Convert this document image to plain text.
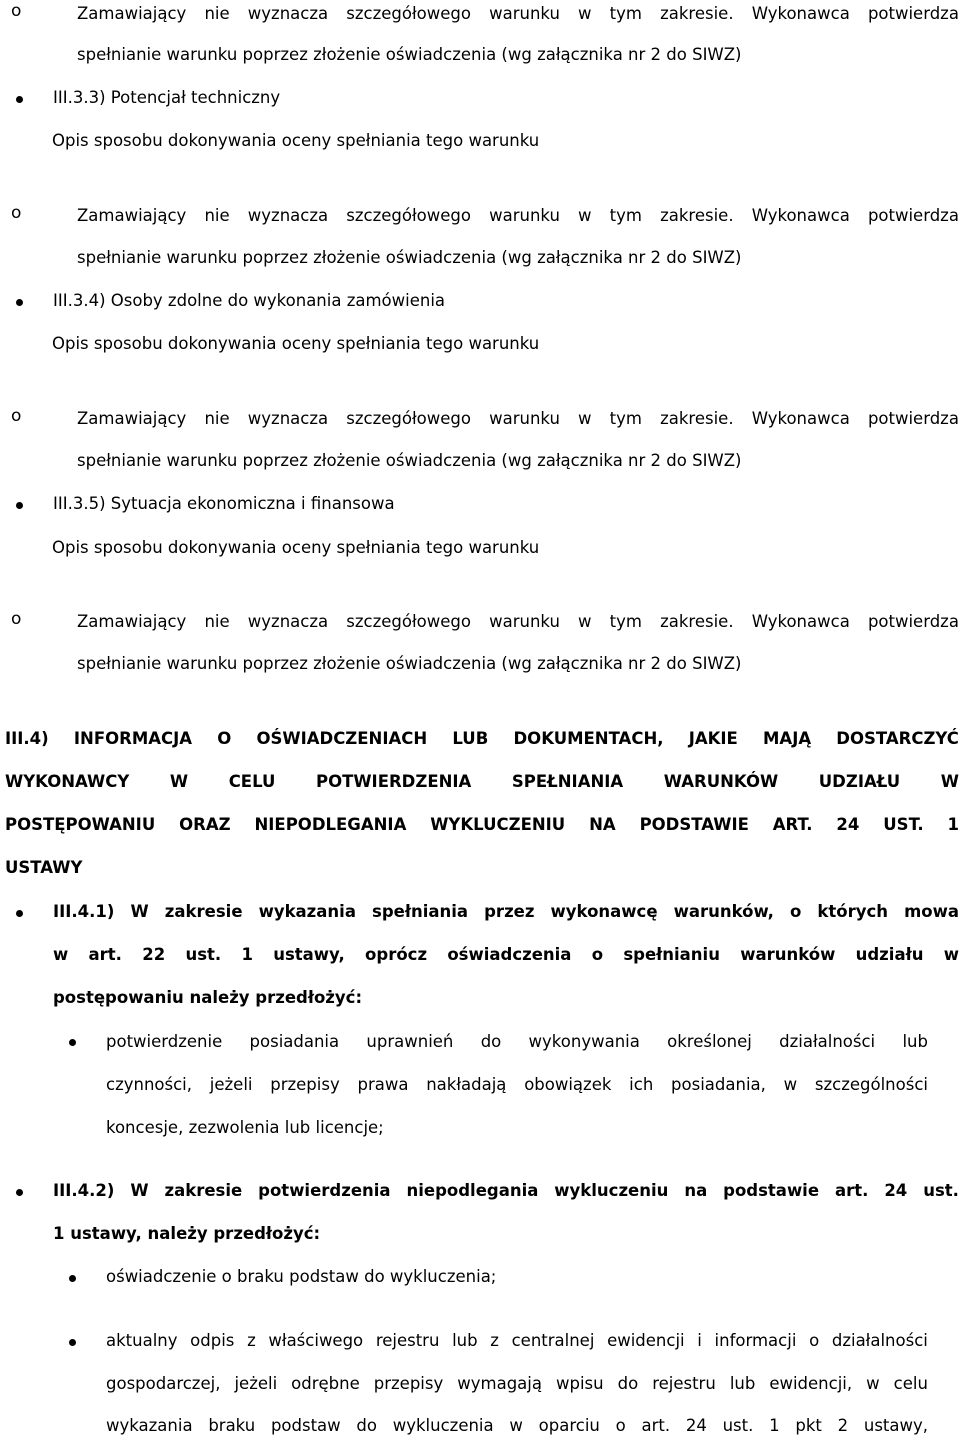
o	Zamawiający nie wyznacza szczegółowego warunku w tym zakresie. Wykonawca potwierdza
spełnianie warunku poprzez złożenie oświadczenia (wg załącznika nr 2 do SIWZ)
III.3.3) Potencjał techniczny
Opis sposobu dokonywania oceny spełniania tego warunku
o	Zamawiający nie wyznacza szczegółowego warunku w tym zakresie. Wykonawca potwierdza
spełnianie warunku poprzez złożenie oświadczenia (wg załącznika nr 2 do SIWZ)
III.3.4) Osoby zdolne do wykonania zamówienia
Opis sposobu dokonywania oceny spełniania tego warunku
o	Zamawiający nie wyznacza szczegółowego warunku w tym zakresie. Wykonawca potwierdza
spełnianie warunku poprzez złożenie oświadczenia (wg załącznika nr 2 do SIWZ)
III.3.5) Sytuacja ekonomiczna i finansowa
Opis sposobu dokonywania oceny spełniania tego warunku
o	Zamawiający nie wyznacza szczegółowego warunku w tym zakresie. Wykonawca potwierdza
spełnianie warunku poprzez złożenie oświadczenia (wg załącznika nr 2 do SIWZ)
III.4) INFORMACJA O OŚWIADCZENIACH LUB DOKUMENTACH, JAKIE MAJĄ DOSTARCZYĆ
WYKONAWCY W CELU POTWIERDZENIA SPEŁNIANIA WARUNKÓW UDZIAŁU W
POSTĘPOWANIU ORAZ NIEPODLEGANIA WYKLUCZENIU NA PODSTAWIE ART. 24 UST. 1
USTAWY
III.4.1) W zakresie wykazania spełniania przez wykonawcę warunków, o których mowa
w art. 22 ust. 1 ustawy, oprócz oświadczenia o spełnianiu warunków udziału w
postępowaniu należy przedłożyć:
potwierdzenie posiadania uprawnień do wykonywania określonej działalności lub
czynności, jeżeli przepisy prawa nakładają obowiązek ich posiadania, w szczególności
koncesje, zezwolenia lub licencje;
III.4.2) W zakresie potwierdzenia niepodlegania wykluczeniu na podstawie art. 24 ust.
1 ustawy, należy przedłożyć:
oświadczenie o braku podstaw do wykluczenia;
aktualny odpis z właściwego rejestru lub z centralnej ewidencji i informacji o działalności
gospodarczej, jeżeli odrębne przepisy wymagają wpisu do rejestru lub ewidencji, w celu
wykazania braku podstaw do wykluczenia w oparciu o art. 24 ust. 1 pkt 2 ustawy,
